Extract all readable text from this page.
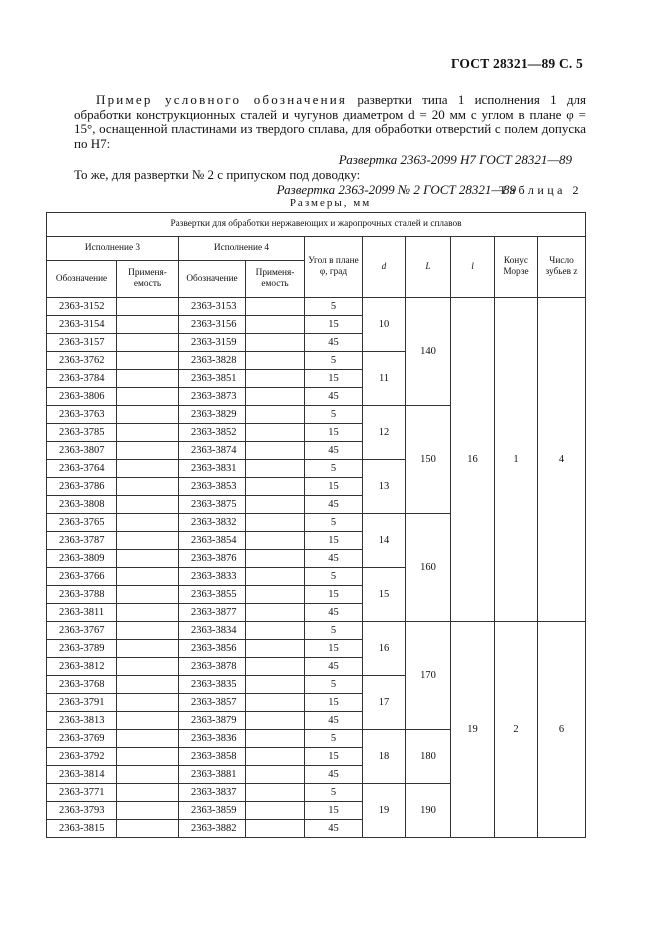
ГОСТ 28321—89 С. 5
Пример условного обозначения развертки типа 1 исполнения 1 для обработки конструкционных сталей и чугунов диаметром d = 20 мм с углом в плане φ = 15°, оснащенной пластинами из твердого сплава, для обработки отверстий с полем допуска по Н7:
Развертка 2363-2099 Н7 ГОСТ 28321—89
То же, для развертки № 2 с припуском под доводку:
Развертка 2363-2099 № 2 ГОСТ 28321—89
Таблица 2
Размеры, мм
Развертки для обработки нержавеющих и жаропрочных сталей и сплавов									
Исполнение 3		Исполнение 4		Угол в плане φ, град	d	L	l	Конус Морзе	Число зубьев z
Обозначение	Применя-емость	Обозначение	Применя-емость						
2363-3152		2363-3153		5	10	140	16	1	4
2363-3154		2363-3156		15					
2363-3157		2363-3159		45					
2363-3762		2363-3828		5	11				
2363-3784		2363-3851		15					
2363-3806		2363-3873		45					
2363-3763		2363-3829		5	12	150			
2363-3785		2363-3852		15					
2363-3807		2363-3874		45					
2363-3764		2363-3831		5	13				
2363-3786		2363-3853		15					
2363-3808		2363-3875		45					
2363-3765		2363-3832		5	14	160			
2363-3787		2363-3854		15					
2363-3809		2363-3876		45					
2363-3766		2363-3833		5	15				
2363-3788		2363-3855		15					
2363-3811		2363-3877		45					
2363-3767		2363-3834		5	16	170	19	2	6
2363-3789		2363-3856		15					
2363-3812		2363-3878		45					
2363-3768		2363-3835		5	17				
2363-3791		2363-3857		15					
2363-3813		2363-3879		45					
2363-3769		2363-3836		5	18	180			
2363-3792		2363-3858		15					
2363-3814		2363-3881		45					
2363-3771		2363-3837		5	19	190			
2363-3793		2363-3859		15					
2363-3815		2363-3882		45					
